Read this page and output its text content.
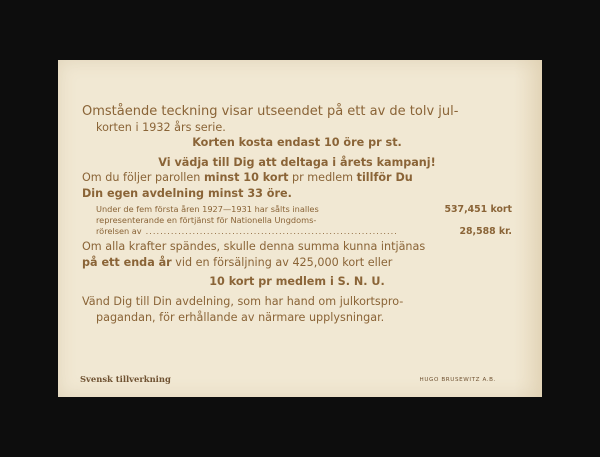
Omstående teckning visar utseendet på ett av de tolv jul-

korten i 1932 års serie.

Korten kosta endast 10 öre pr st.

Vi vädja till Dig att deltaga i årets kampanj!

Om du följer parollen minst 10 kort pr medlem tillför Du

Din egen avdelning minst 33 öre.

Under de fem första åren 1927—1931 har sålts inalles	537,451 kort
representerande en förtjänst för Nationella Ungdoms-
rörelsen av ......................................................................	28,588 kr.

Om alla krafter spändes, skulle denna summa kunna intjänas

på ett enda år vid en försäljning av 425,000 kort eller

10 kort pr medlem i S. N. U.

Vänd Dig till Din avdelning, som har hand om julkortspro-

pagandan, för erhållande av närmare upplysningar.

Svensk tillverkning	HUGO BRUSEWITZ A.B.
